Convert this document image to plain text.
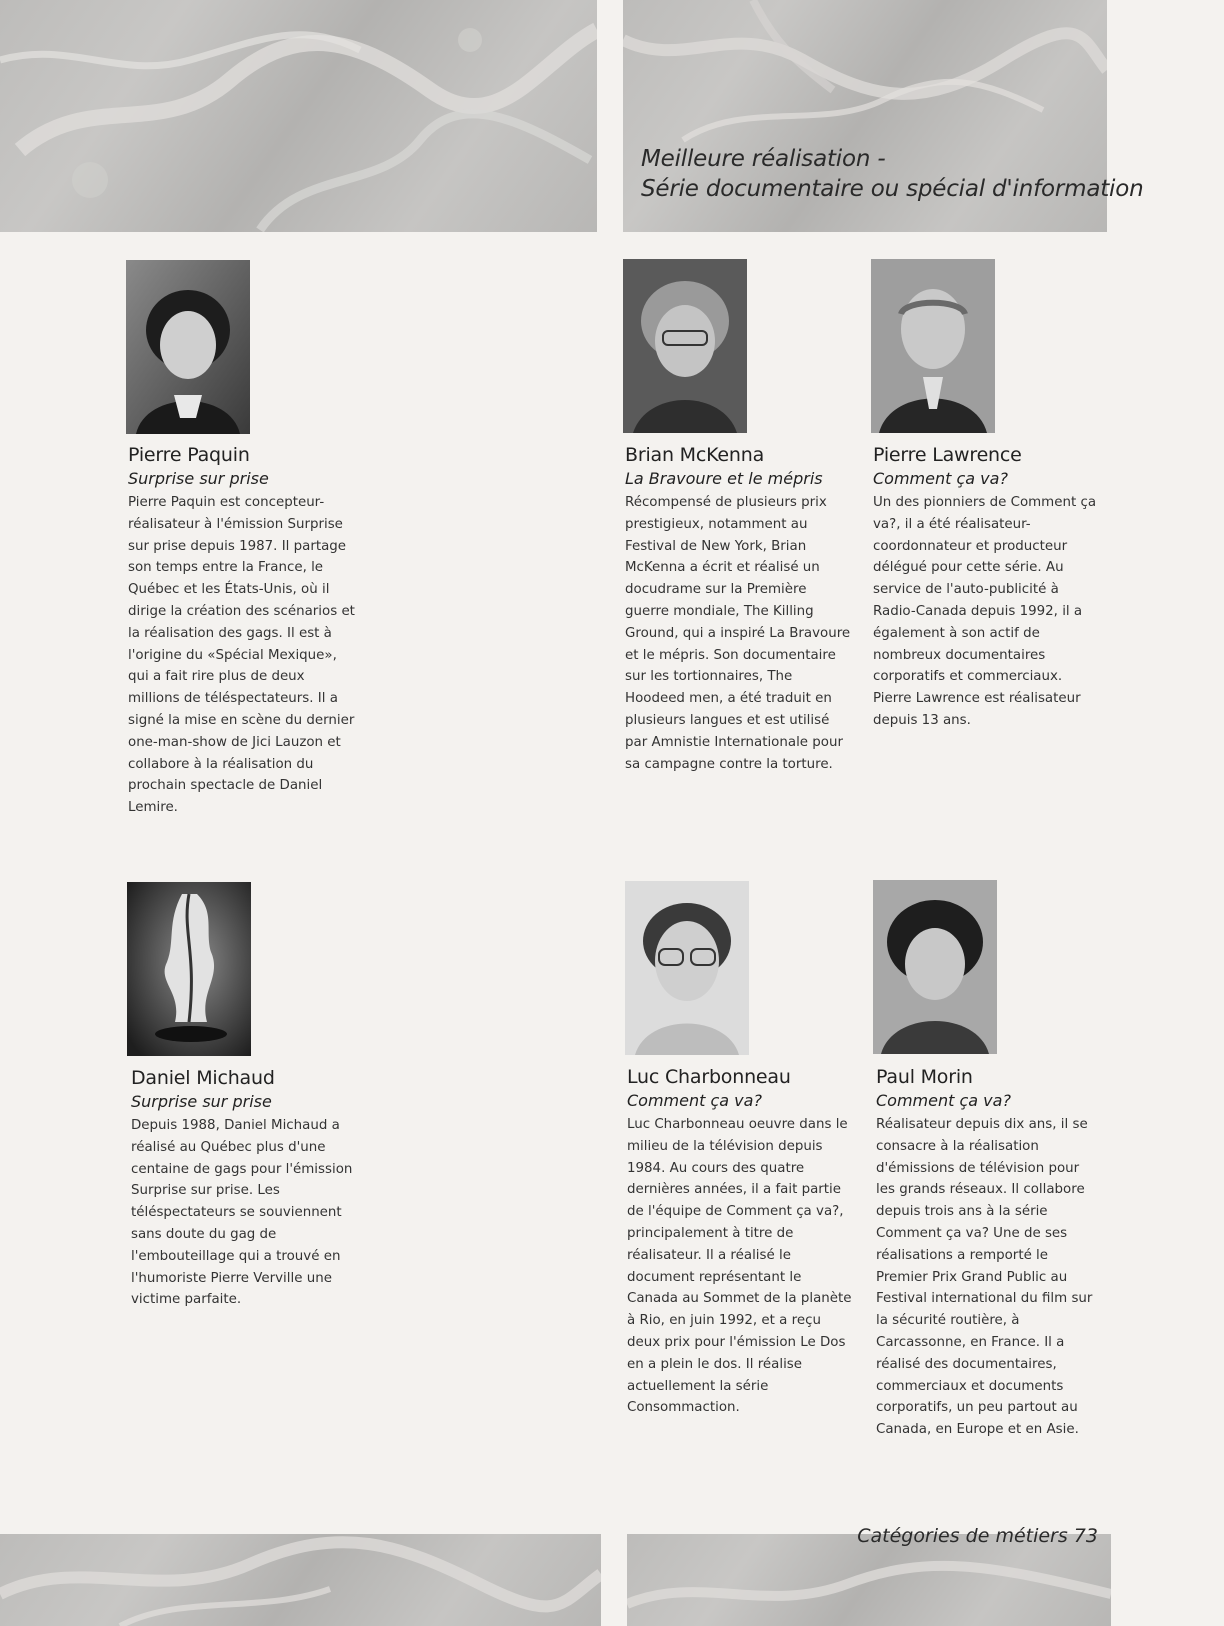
Meilleure réalisation -
Série documentaire ou spécial d'information

Catégories de métiers 73

Pierre Paquin

Surprise sur prise

Pierre Paquin est concepteur-réalisateur à l'émission Surprise sur prise depuis 1987. Il partage son temps entre la France, le Québec et les États-Unis, où il dirige la création des scénarios et la réalisation des gags. Il est à l'origine du «Spécial Mexique», qui a fait rire plus de deux millions de téléspectateurs. Il a signé la mise en scène du dernier one-man-show de Jici Lauzon et collabore à la réalisation du prochain spectacle de Daniel Lemire.

Brian McKenna

La Bravoure et le mépris

Récompensé de plusieurs prix prestigieux, notamment au Festival de New York, Brian McKenna a écrit et réalisé un docudrame sur la Première guerre mondiale, The Killing Ground, qui a inspiré La Bravoure et le mépris. Son documentaire sur les tortionnaires, The Hoodeed men, a été traduit en plusieurs langues et est utilisé par Amnistie Internationale pour sa campagne contre la torture.

Pierre Lawrence

Comment ça va?

Un des pionniers de Comment ça va?, il a été réalisateur-coordonnateur et producteur délégué pour cette série. Au service de l'auto-publicité à Radio-Canada depuis 1992, il a également à son actif de nombreux documentaires corporatifs et commerciaux. Pierre Lawrence est réalisateur depuis 13 ans.

Daniel Michaud

Surprise sur prise

Depuis 1988, Daniel Michaud a réalisé au Québec plus d'une centaine de gags pour l'émission Surprise sur prise. Les téléspectateurs se souviennent sans doute du gag de l'embouteillage qui a trouvé en l'humoriste Pierre Verville une victime parfaite.

Luc Charbonneau

Comment ça va?

Luc Charbonneau oeuvre dans le milieu de la télévision depuis 1984. Au cours des quatre dernières années, il a fait partie de l'équipe de Comment ça va?, principalement à titre de réalisateur. Il a réalisé le document représentant le Canada au Sommet de la planète à Rio, en juin 1992, et a reçu deux prix pour l'émission Le Dos en a plein le dos. Il réalise actuellement la série Consommaction.

Paul Morin

Comment ça va?

Réalisateur depuis dix ans, il se consacre à la réalisation d'émissions de télévision pour les grands réseaux. Il collabore depuis trois ans à la série Comment ça va? Une de ses réalisations a remporté le Premier Prix Grand Public au Festival international du film sur la sécurité routière, à Carcassonne, en France. Il a réalisé des documentaires, commerciaux et documents corporatifs, un peu partout au Canada, en Europe et en Asie.
